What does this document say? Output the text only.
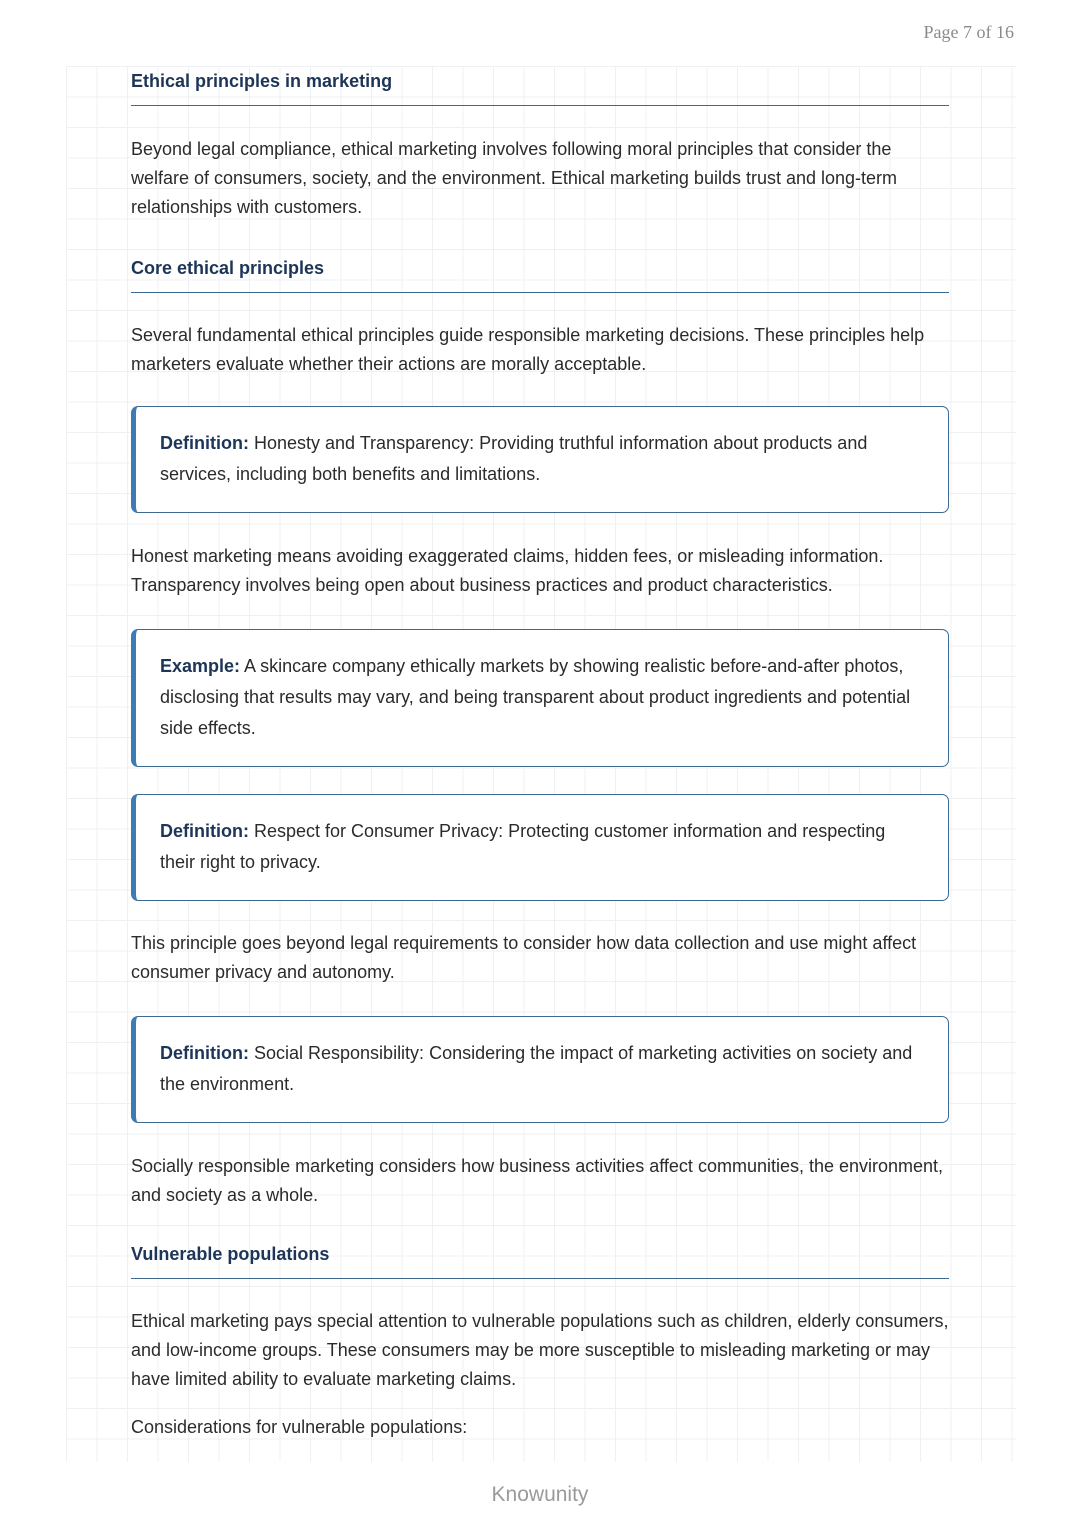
Page 7 of 16
Ethical principles in marketing

Beyond legal compliance, ethical marketing involves following moral principles that consider the welfare of consumers, society, and the environment. Ethical marketing builds trust and long-term relationships with customers.

Core ethical principles

Several fundamental ethical principles guide responsible marketing decisions. These principles help marketers evaluate whether their actions are morally acceptable.

Definition: Honesty and Transparency: Providing truthful information about products and services, including both benefits and limitations.

Honest marketing means avoiding exaggerated claims, hidden fees, or misleading information. Transparency involves being open about business practices and product characteristics.

Example: A skincare company ethically markets by showing realistic before-and-after photos, disclosing that results may vary, and being transparent about product ingredients and potential side effects.
Definition: Respect for Consumer Privacy: Protecting customer information and respecting their right to privacy.

This principle goes beyond legal requirements to consider how data collection and use might affect consumer privacy and autonomy.

Definition: Social Responsibility: Considering the impact of marketing activities on society and the environment.

Socially responsible marketing considers how business activities affect communities, the environment, and society as a whole.

Vulnerable populations

Ethical marketing pays special attention to vulnerable populations such as children, elderly consumers, and low-income groups. These consumers may be more susceptible to misleading marketing or may have limited ability to evaluate marketing claims.

Considerations for vulnerable populations:

Knowunity
